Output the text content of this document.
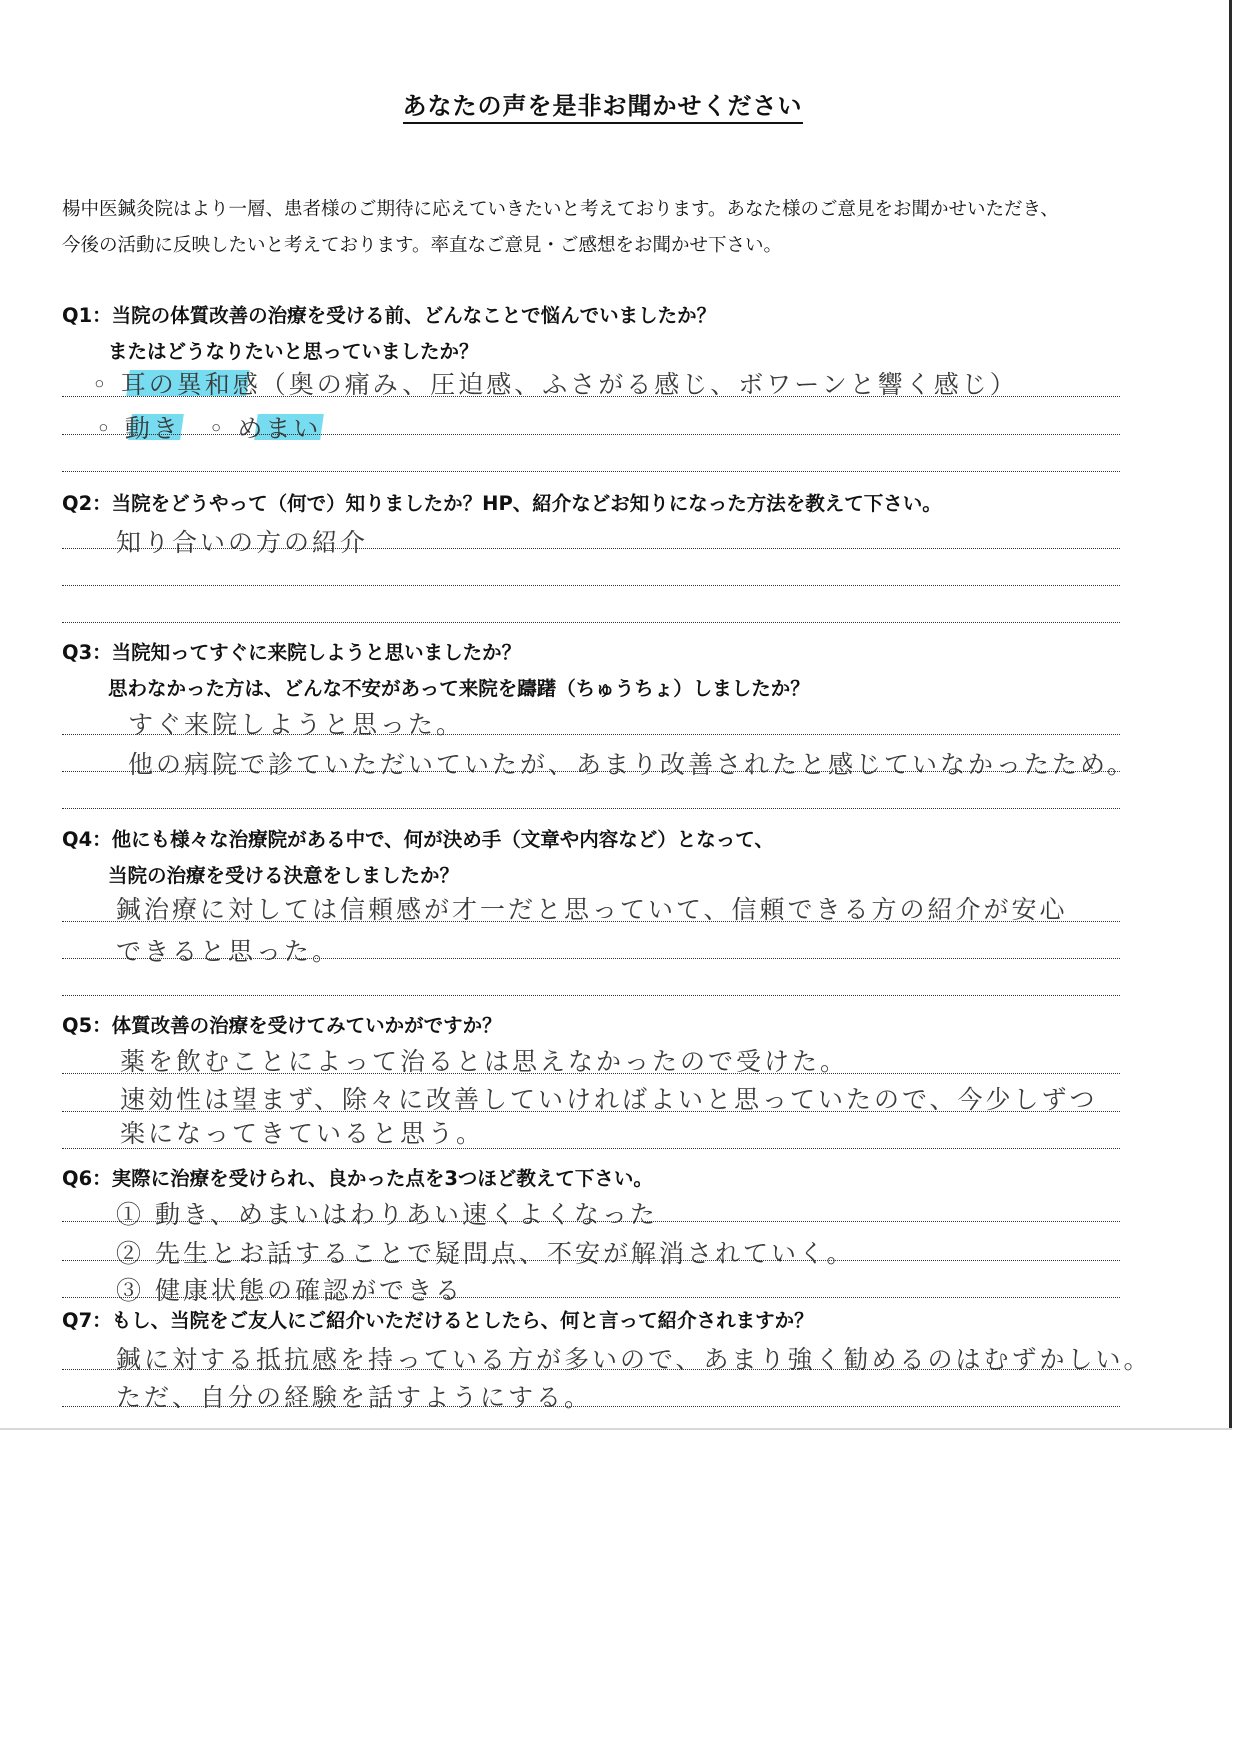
あなたの声を是非お聞かせください
楊中医鍼灸院はより一層、患者様のご期待に応えていきたいと考えております。あなた様のご意見をお聞かせいただき、
今後の活動に反映したいと考えております。率直なご意見・ご感想をお聞かせ下さい。
Q1：当院の体質改善の治療を受ける前、どんなことで悩んでいましたか？
またはどうなりたいと思っていましたか？
◦ 耳の異和感（奥の痛み、圧迫感、ふさがる感じ、ボワーンと響く感じ）
◦ 動き　◦ めまい
Q2：当院をどうやって（何で）知りましたか？HP、紹介などお知りになった方法を教えて下さい。
知り合いの方の紹介
Q3：当院知ってすぐに来院しようと思いましたか？
思わなかった方は、どんな不安があって来院を躊躇（ちゅうちょ）しましたか？
すぐ来院しようと思った。
他の病院で診ていただいていたが、あまり改善されたと感じていなかったため。
Q4：他にも様々な治療院がある中で、何が決め手（文章や内容など）となって、
当院の治療を受ける決意をしましたか？
鍼治療に対しては信頼感が才一だと思っていて、信頼できる方の紹介が安心
できると思った。
Q5：体質改善の治療を受けてみていかがですか？
薬を飲むことによって治るとは思えなかったので受けた。
速効性は望まず、除々に改善していければよいと思っていたので、今少しずつ
楽になってきていると思う。
Q6：実際に治療を受けられ、良かった点を3つほど教えて下さい。
① 動き、めまいはわりあい速くよくなった
② 先生とお話することで疑問点、不安が解消されていく。
③ 健康状態の確認ができる
Q7：もし、当院をご友人にご紹介いただけるとしたら、何と言って紹介されますか？
鍼に対する抵抗感を持っている方が多いので、あまり強く勧めるのはむずかしい。
ただ、自分の経験を話すようにする。
